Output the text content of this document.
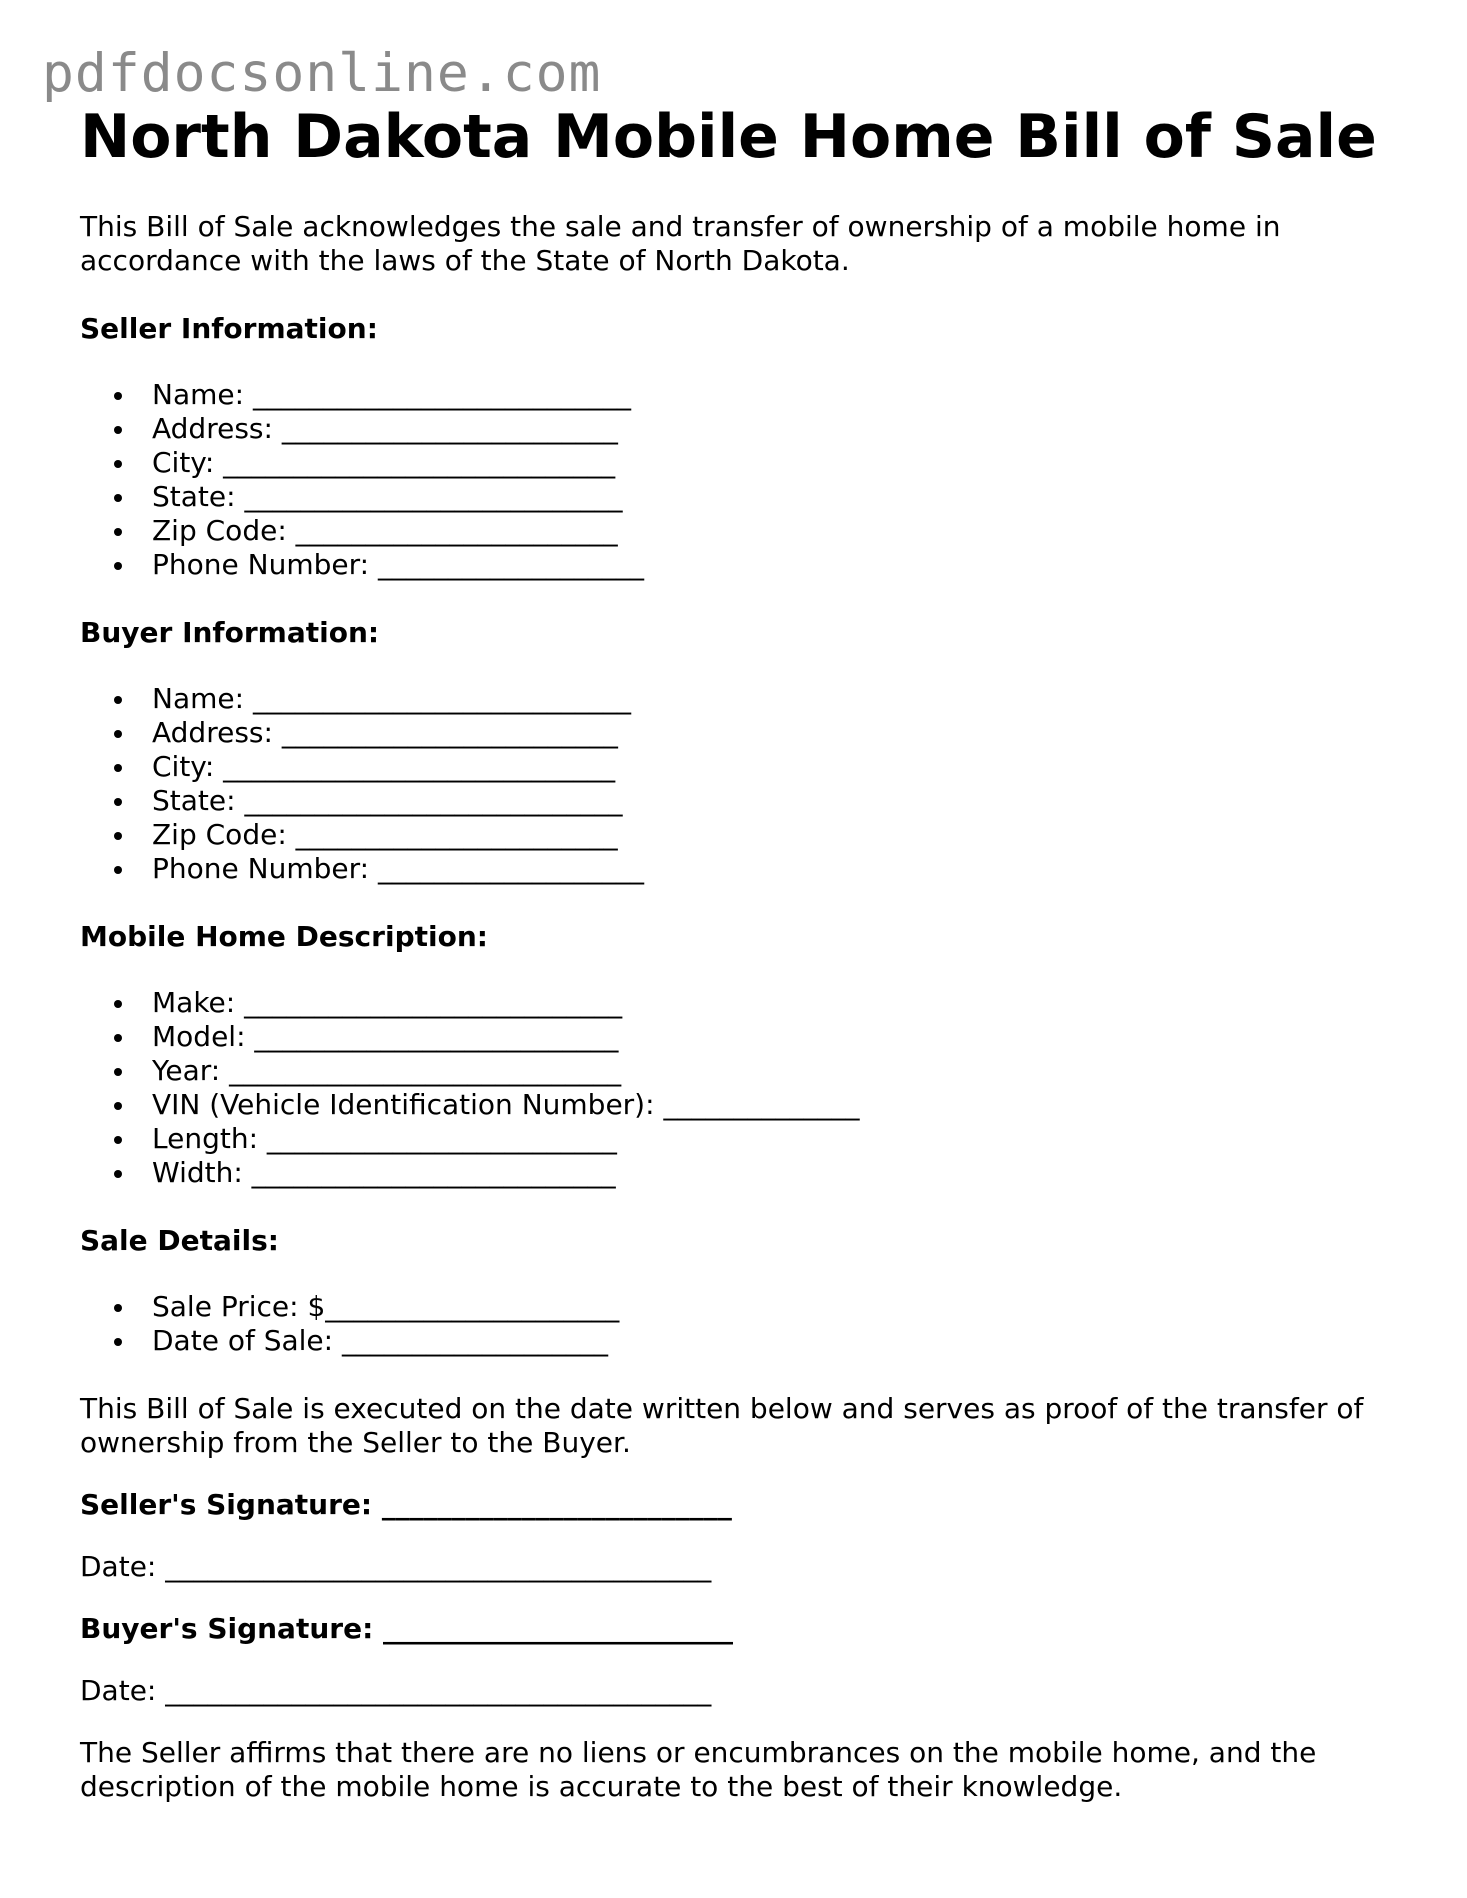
pdfdocsonline.com
North Dakota Mobile Home Bill of Sale

This Bill of Sale acknowledges the sale and transfer of ownership of a mobile home in accordance with the laws of the State of North Dakota.

Seller Information:
Name: ___________________________
Address: ________________________
City: ____________________________
State: ___________________________
Zip Code: _______________________
Phone Number: ___________________
Buyer Information:
Name: ___________________________
Address: ________________________
City: ____________________________
State: ___________________________
Zip Code: _______________________
Phone Number: ___________________
Mobile Home Description:
Make: ___________________________
Model: __________________________
Year: ____________________________
VIN (Vehicle Identification Number): ______________
Length: _________________________
Width: __________________________
Sale Details:
Sale Price: $_____________________
Date of Sale: ___________________

This Bill of Sale is executed on the date written below and serves as proof of the transfer of ownership from the Seller to the Buyer.

Seller's Signature: _________________________
Date: _______________________________________
Buyer's Signature: _________________________
Date: _______________________________________

The Seller affirms that there are no liens or encumbrances on the mobile home, and the description of the mobile home is accurate to the best of their knowledge.
